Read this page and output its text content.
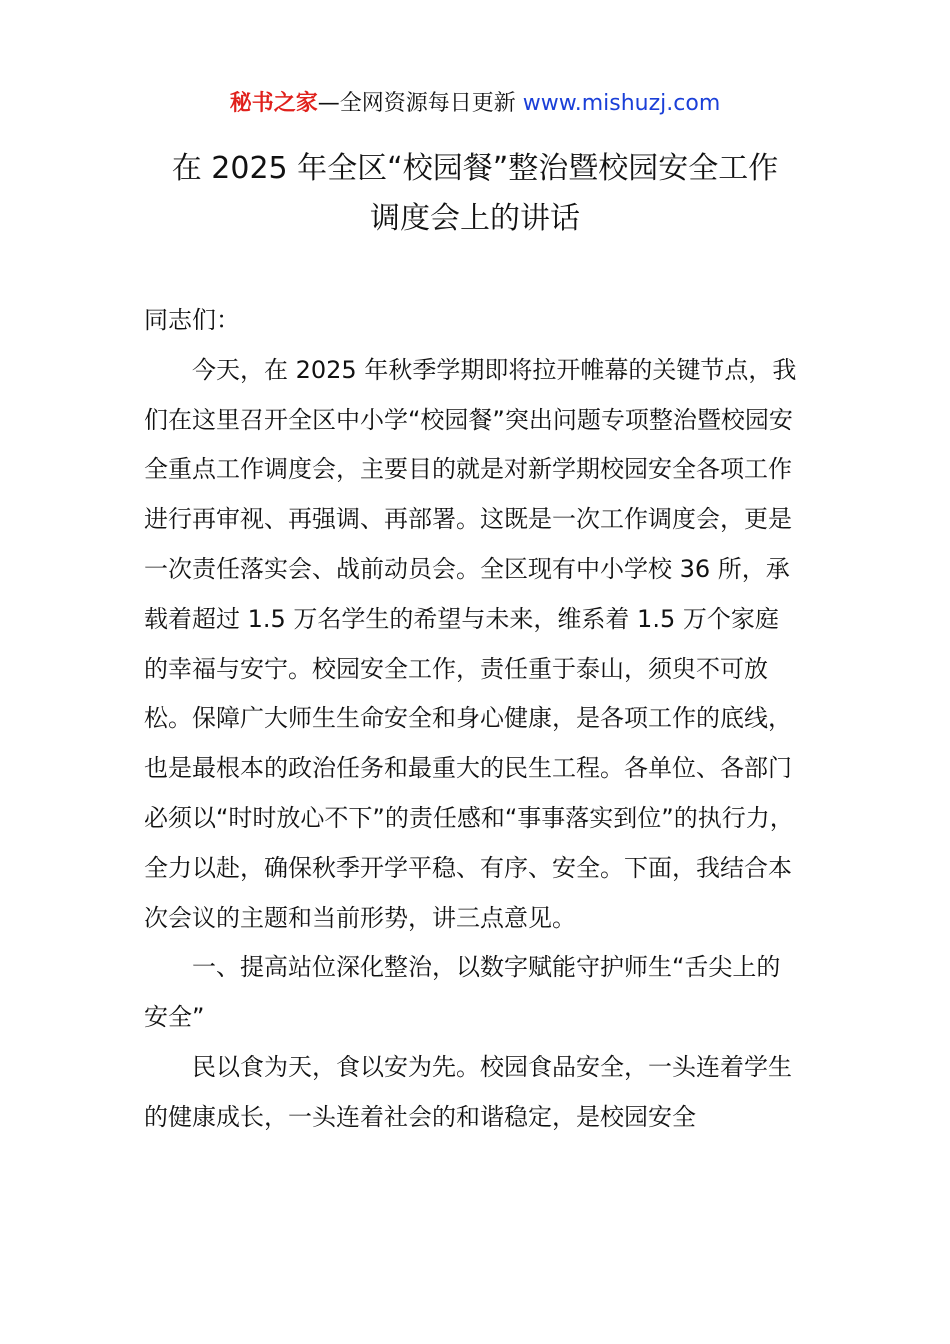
秘书之家—全网资源每日更新 www.mishuzj.com
在 2025 年全区“校园餐”整治暨校园安全工作
调度会上的讲话

同志们：

今天，在 2025 年秋季学期即将拉开帷幕的关键节点，我们在这里召开全区中小学“校园餐”突出问题专项整治暨校园安全重点工作调度会，主要目的就是对新学期校园安全各项工作进行再审视、再强调、再部署。这既是一次工作调度会，更是一次责任落实会、战前动员会。全区现有中小学校 36 所，承载着超过 1.5 万名学生的希望与未来，维系着 1.5 万个家庭的幸福与安宁。校园安全工作，责任重于泰山，须臾不可放松。保障广大师生生命安全和身心健康，是各项工作的底线，也是最根本的政治任务和最重大的民生工程。各单位、各部门必须以“时时放心不下”的责任感和“事事落实到位”的执行力，全力以赴，确保秋季开学平稳、有序、安全。下面，我结合本次会议的主题和当前形势，讲三点意见。

一、提高站位深化整治，以数字赋能守护师生“舌尖上的安全”

民以食为天，食以安为先。校园食品安全，一头连着学生的健康成长，一头连着社会的和谐稳定，是校园安全
